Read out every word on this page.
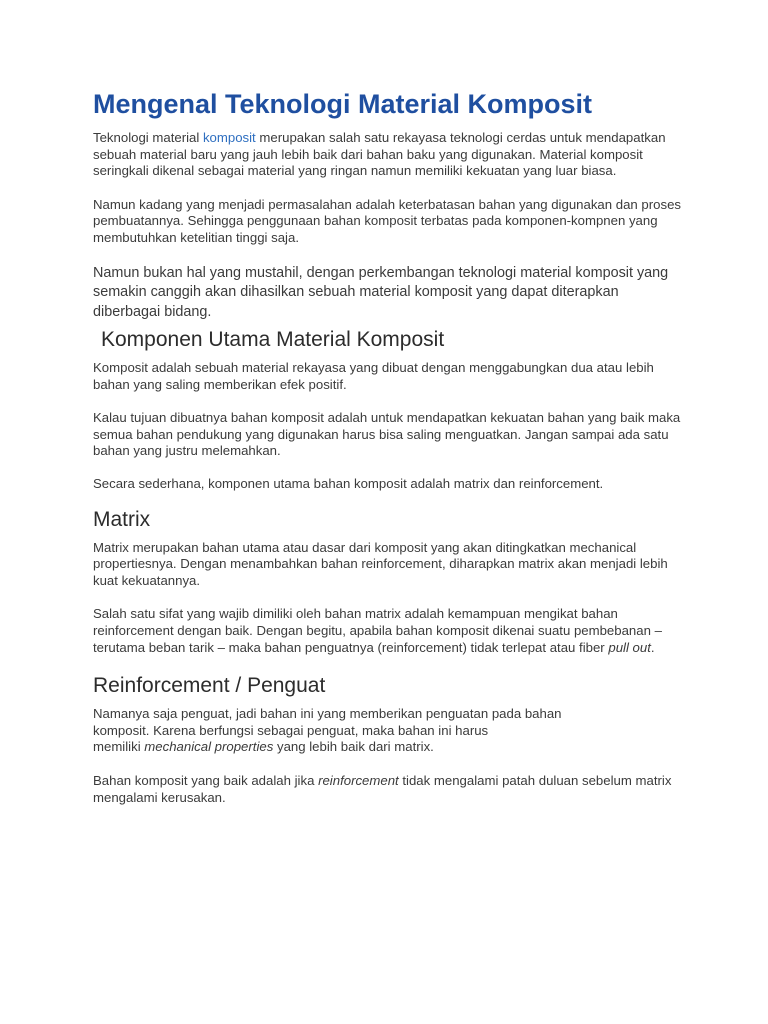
Mengenal Teknologi Material Komposit

Teknologi material komposit merupakan salah satu rekayasa teknologi cerdas untuk mendapatkan sebuah material baru yang jauh lebih baik dari bahan baku yang digunakan. Material komposit seringkali dikenal sebagai material yang ringan namun memiliki kekuatan yang luar biasa.

Namun kadang yang menjadi permasalahan adalah keterbatasan bahan yang digunakan dan proses pembuatannya. Sehingga penggunaan bahan komposit terbatas pada komponen-kompnen yang membutuhkan ketelitian tinggi saja.

Namun bukan hal yang mustahil, dengan perkembangan teknologi material komposit yang semakin canggih akan dihasilkan sebuah material komposit yang dapat diterapkan diberbagai bidang.

Komponen Utama Material Komposit

Komposit adalah sebuah material rekayasa yang dibuat dengan menggabungkan dua atau lebih bahan yang saling memberikan efek positif.

Kalau tujuan dibuatnya bahan komposit adalah untuk mendapatkan kekuatan bahan yang baik maka semua bahan pendukung yang digunakan harus bisa saling menguatkan. Jangan sampai ada satu bahan yang justru melemahkan.

Secara sederhana, komponen utama bahan komposit adalah matrix dan reinforcement.

Matrix

Matrix merupakan bahan utama atau dasar dari komposit yang akan ditingkatkan mechanical propertiesnya. Dengan menambahkan bahan reinforcement, diharapkan matrix akan menjadi lebih kuat kekuatannya.

Salah satu sifat yang wajib dimiliki oleh bahan matrix adalah kemampuan mengikat bahan reinforcement dengan baik. Dengan begitu, apabila bahan komposit dikenai suatu pembebanan – terutama beban tarik – maka bahan penguatnya (reinforcement) tidak terlepat atau fiber pull out.

Reinforcement / Penguat

Namanya saja penguat, jadi bahan ini yang memberikan penguatan pada bahan
komposit. Karena berfungsi sebagai penguat, maka bahan ini harus
memiliki mechanical properties yang lebih baik dari matrix.

Bahan komposit yang baik adalah jika reinforcement tidak mengalami patah duluan sebelum matrix mengalami kerusakan.
